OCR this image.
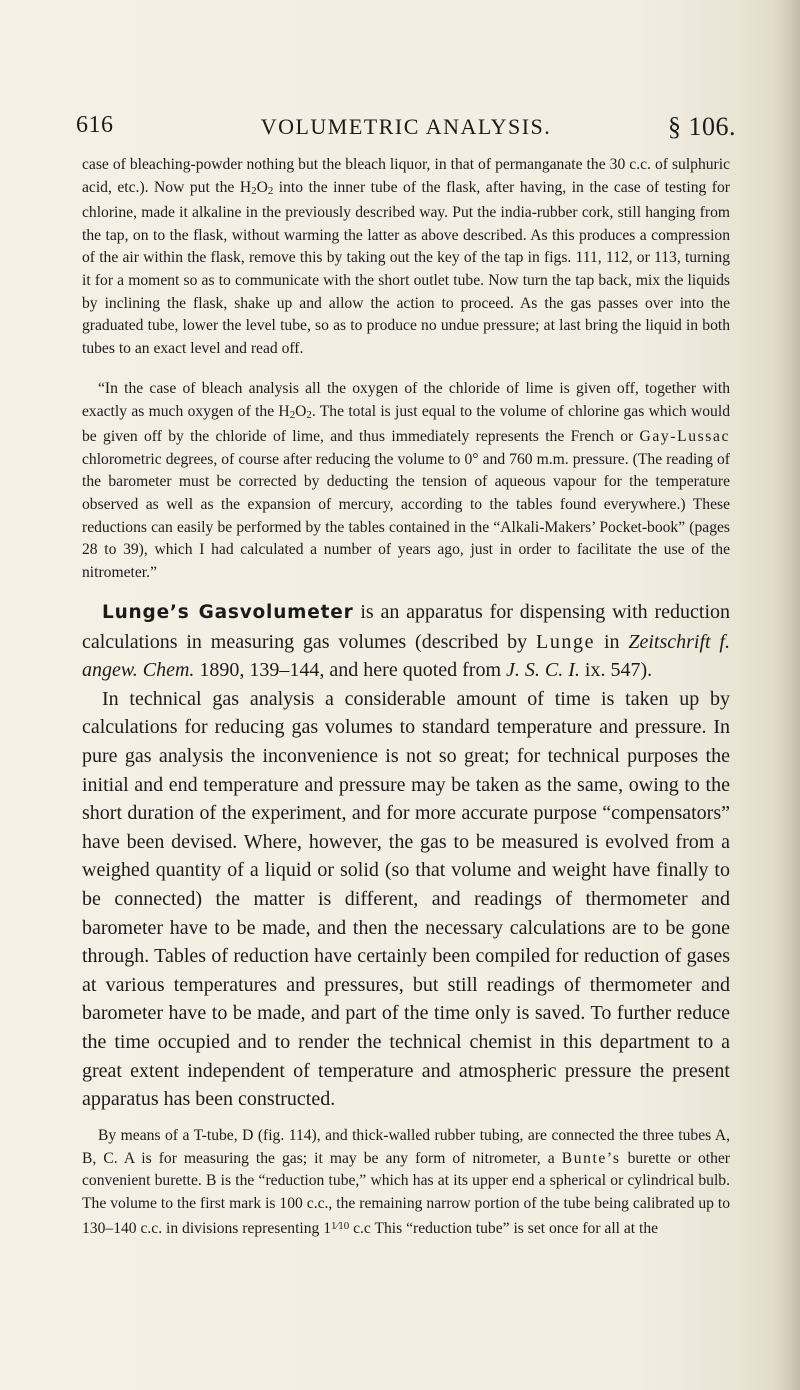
616	VOLUMETRIC ANALYSIS.	§ 106.

case of bleaching-powder nothing but the bleach liquor, in that of permanganate the 30 c.c. of sulphuric acid, etc.). Now put the H2O2 into the inner tube of the flask, after having, in the case of testing for chlorine, made it alkaline in the previously described way. Put the india-rubber cork, still hanging from the tap, on to the flask, without warming the latter as above described. As this produces a compression of the air within the flask, remove this by taking out the key of the tap in figs. 111, 112, or 113, turning it for a moment so as to communicate with the short outlet tube. Now turn the tap back, mix the liquids by inclining the flask, shake up and allow the action to proceed. As the gas passes over into the graduated tube, lower the level tube, so as to produce no undue pressure; at last bring the liquid in both tubes to an exact level and read off.

“In the case of bleach analysis all the oxygen of the chloride of lime is given off, together with exactly as much oxygen of the H2O2. The total is just equal to the volume of chlorine gas which would be given off by the chloride of lime, and thus immediately represents the French or Gay-Lussac chlorometric degrees, of course after reducing the volume to 0° and 760 m.m. pressure. (The reading of the barometer must be corrected by deducting the tension of aqueous vapour for the temperature observed as well as the expansion of mercury, according to the tables found everywhere.) These reductions can easily be performed by the tables contained in the “Alkali-Makers’ Pocket-book” (pages 28 to 39), which I had calculated a number of years ago, just in order to facilitate the use of the nitrometer.”

Lunge’s Gasvolumeter is an apparatus for dispensing with reduction calculations in measuring gas volumes (described by Lunge in Zeitschrift f. angew. Chem. 1890, 139–144, and here quoted from J. S. C. I. ix. 547).

In technical gas analysis a considerable amount of time is taken up by calculations for reducing gas volumes to standard temperature and pressure. In pure gas analysis the inconvenience is not so great; for technical purposes the initial and end temperature and pressure may be taken as the same, owing to the short duration of the experiment, and for more accurate purpose “compensators” have been devised. Where, however, the gas to be measured is evolved from a weighed quantity of a liquid or solid (so that volume and weight have finally to be connected) the matter is different, and readings of thermometer and barometer have to be made, and then the necessary calculations are to be gone through. Tables of reduction have certainly been compiled for reduction of gases at various temperatures and pressures, but still readings of thermometer and barometer have to be made, and part of the time only is saved. To further reduce the time occupied and to render the technical chemist in this department to a great extent independent of temperature and atmospheric pressure the present apparatus has been constructed.

By means of a T-tube, D (fig. 114), and thick-walled rubber tubing, are connected the three tubes A, B, C. A is for measuring the gas; it may be any form of nitrometer, a Bunte’s burette or other convenient burette. B is the “reduction tube,” which has at its upper end a spherical or cylindrical bulb. The volume to the first mark is 100 c.c., the remaining narrow portion of the tube being calibrated up to 130–140 c.c. in divisions representing $1^{1⁄10}$ c.c This “reduction tube” is set once for all at the
